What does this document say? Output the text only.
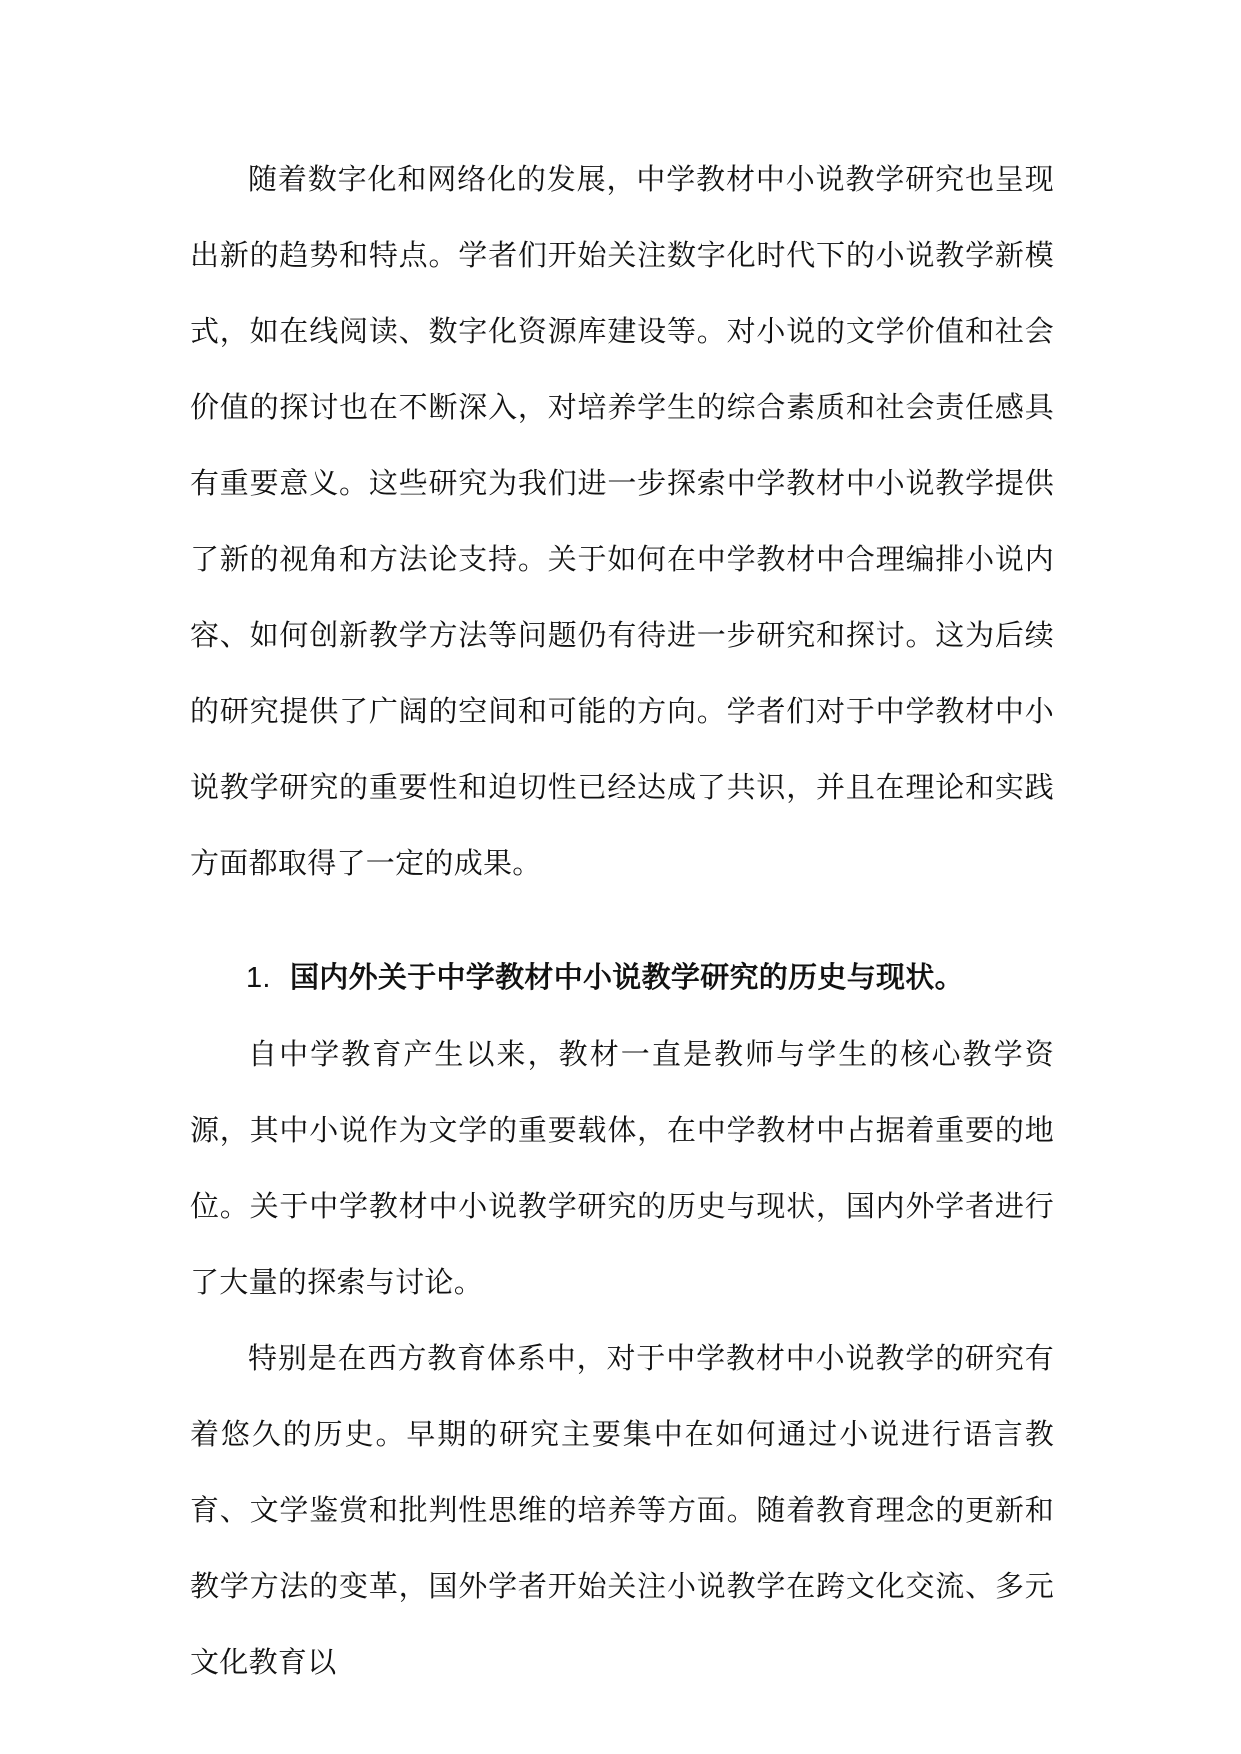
随着数字化和网络化的发展，中学教材中小说教学研究也呈现出新的趋势和特点。学者们开始关注数字化时代下的小说教学新模式，如在线阅读、数字化资源库建设等。对小说的文学价值和社会价值的探讨也在不断深入，对培养学生的综合素质和社会责任感具有重要意义。这些研究为我们进一步探索中学教材中小说教学提供了新的视角和方法论支持。关于如何在中学教材中合理编排小说内容、如何创新教学方法等问题仍有待进一步研究和探讨。这为后续的研究提供了广阔的空间和可能的方向。学者们对于中学教材中小说教学研究的重要性和迫切性已经达成了共识，并且在理论和实践方面都取得了一定的成果。

1. 国内外关于中学教材中小说教学研究的历史与现状。

自中学教育产生以来，教材一直是教师与学生的核心教学资源，其中小说作为文学的重要载体，在中学教材中占据着重要的地位。关于中学教材中小说教学研究的历史与现状，国内外学者进行了大量的探索与讨论。

特别是在西方教育体系中，对于中学教材中小说教学的研究有着悠久的历史。早期的研究主要集中在如何通过小说进行语言教育、文学鉴赏和批判性思维的培养等方面。随着教育理念的更新和教学方法的变革，国外学者开始关注小说教学在跨文化交流、多元文化教育以
